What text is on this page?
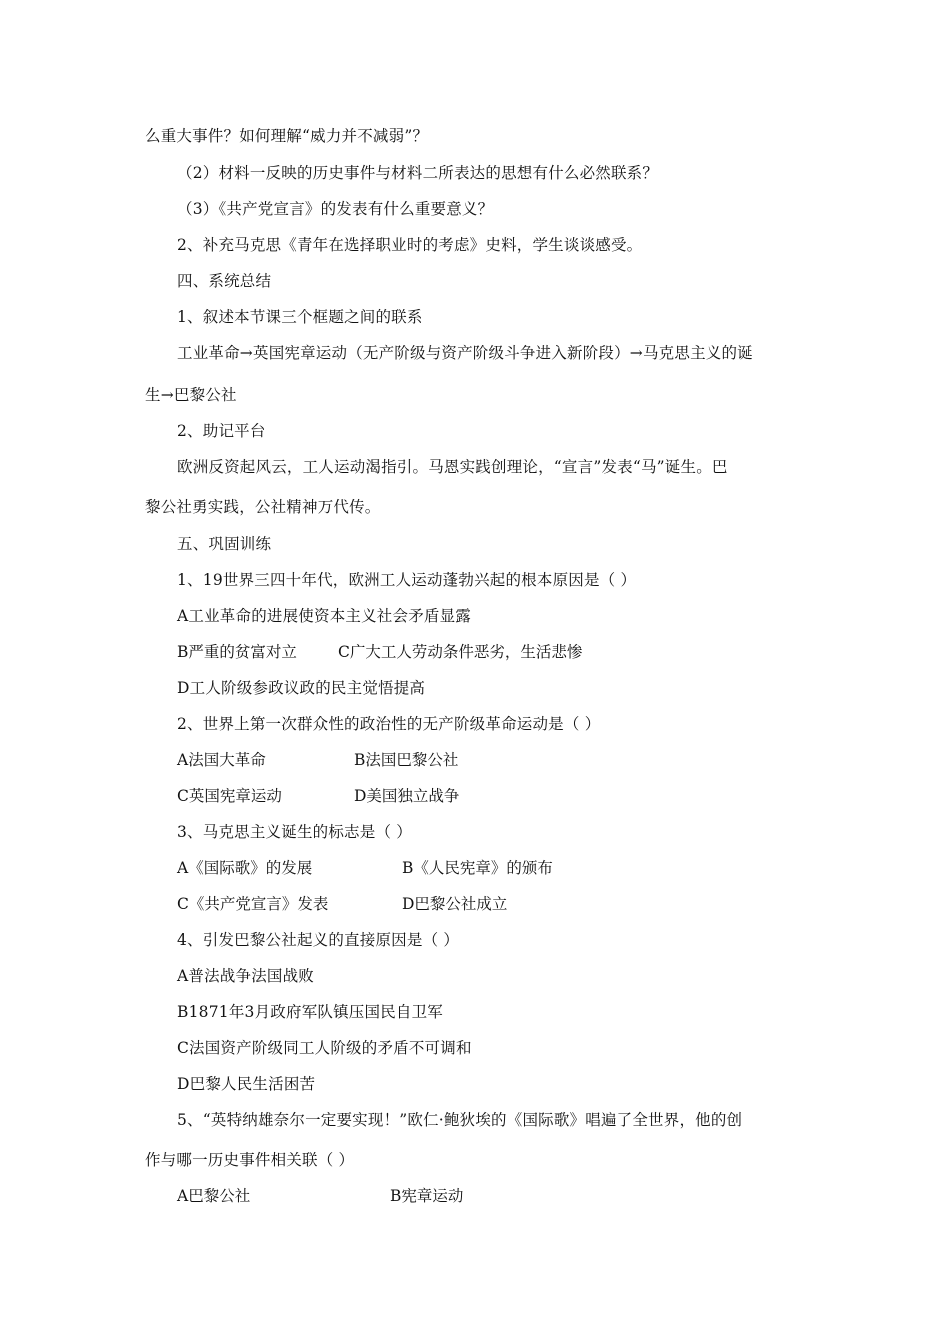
么重大事件？如何理解“威力并不减弱”？
（2）材料一反映的历史事件与材料二所表达的思想有什么必然联系？
（3）《共产党宣言》的发表有什么重要意义？
2、补充马克思《青年在选择职业时的考虑》史料，学生谈谈感受。
四、系统总结
1、叙述本节课三个框题之间的联系
工业革命→英国宪章运动（无产阶级与资产阶级斗争进入新阶段）→马克思主义的诞
生→巴黎公社
2、助记平台
欧洲反资起风云，工人运动渴指引。马恩实践创理论，“宣言”发表“马”诞生。巴
黎公社勇实践，公社精神万代传。
五、巩固训练
1、19世界三四十年代，欧洲工人运动蓬勃兴起的根本原因是（ ）
A工业革命的进展使资本主义社会矛盾显露
B严重的贫富对立	C广大工人劳动条件恶劣，生活悲惨
D工人阶级参政议政的民主觉悟提高
2、世界上第一次群众性的政治性的无产阶级革命运动是（ ）
A法国大革命	B法国巴黎公社
C英国宪章运动	D美国独立战争
3、马克思主义诞生的标志是（ ）
A《国际歌》的发展	B《人民宪章》的颁布
C《共产党宣言》发表	D巴黎公社成立
4、引发巴黎公社起义的直接原因是（ ）
A普法战争法国战败
B1871年3月政府军队镇压国民自卫军
C法国资产阶级同工人阶级的矛盾不可调和
D巴黎人民生活困苦
5、“英特纳雄奈尔一定要实现！”欧仁·鲍狄埃的《国际歌》唱遍了全世界，他的创
作与哪一历史事件相关联（ ）
A巴黎公社	B宪章运动
